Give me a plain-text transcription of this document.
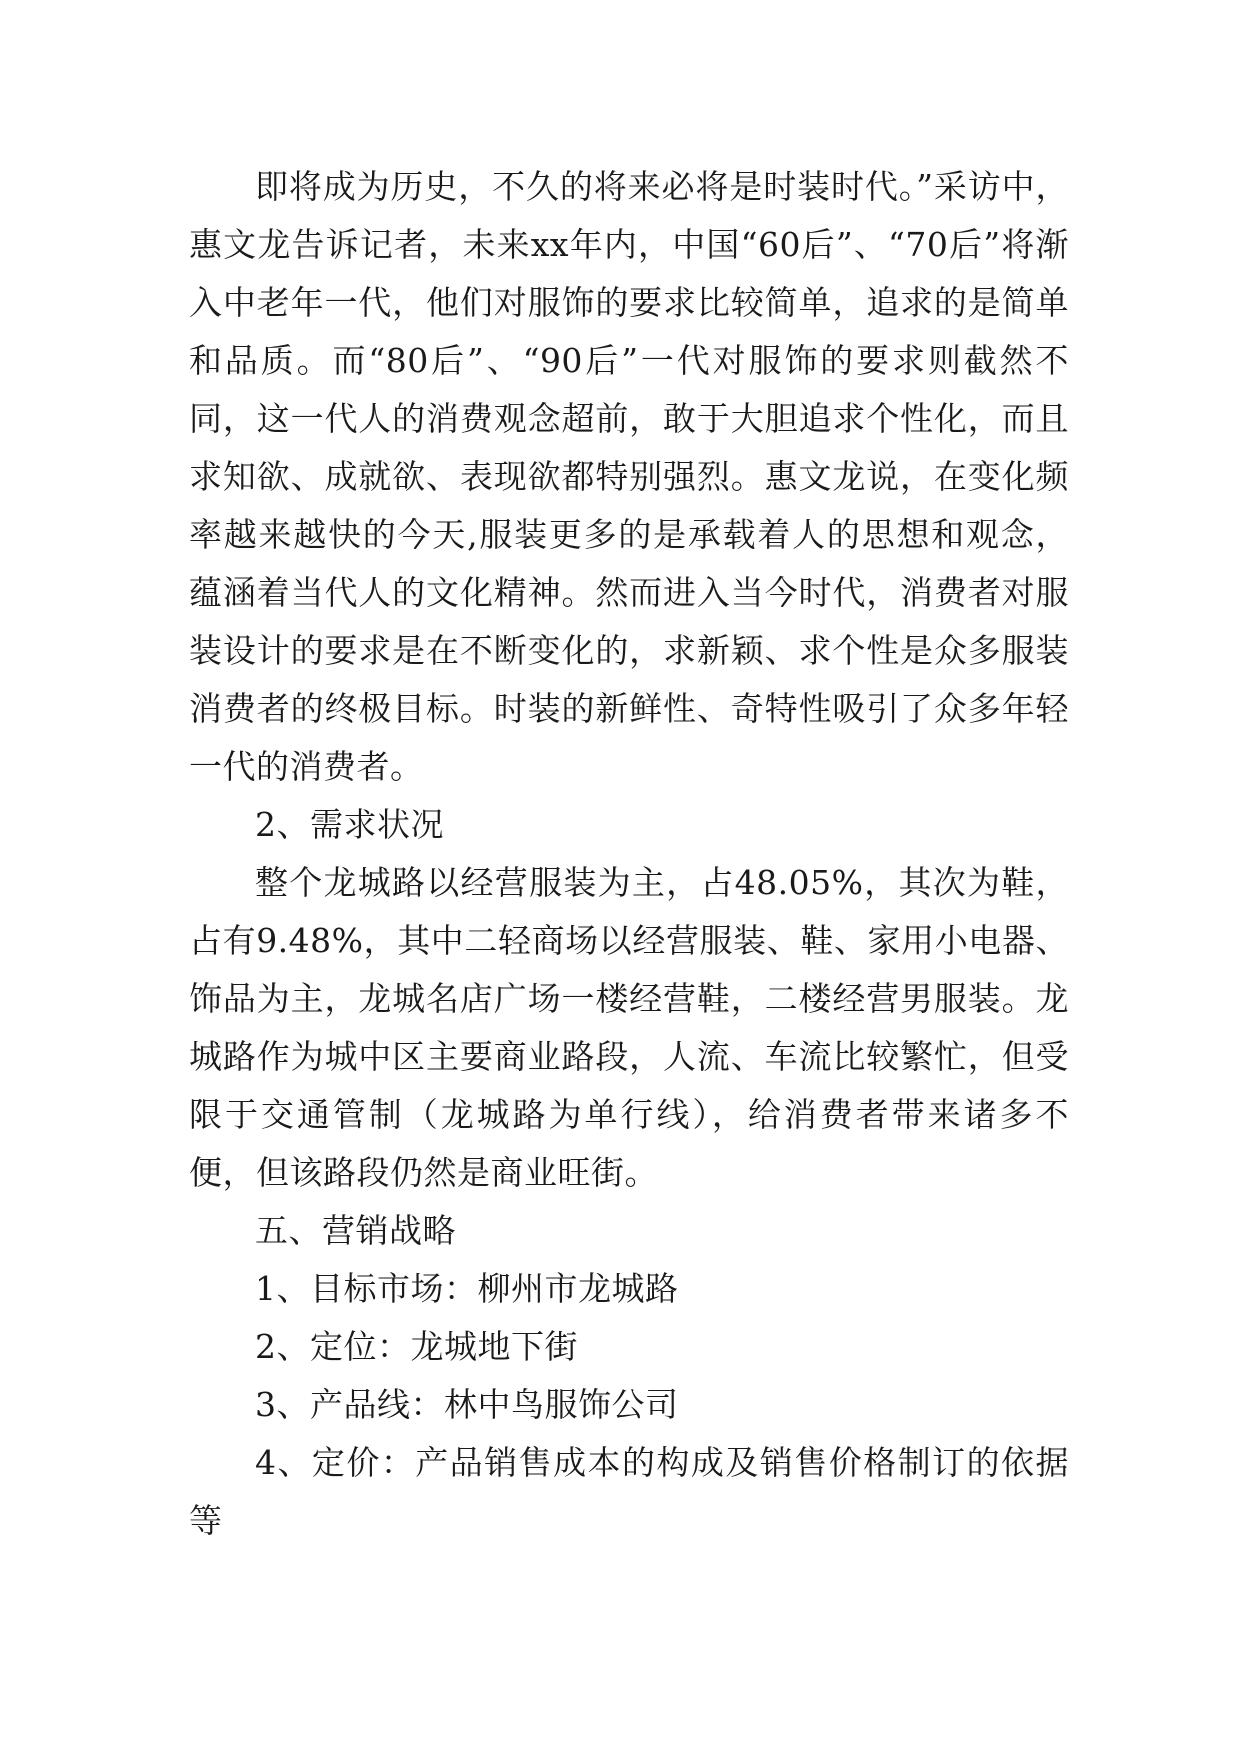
即将成为历史，不久的将来必将是时装时代。”采访中，惠文龙告诉记者，未来xx年内，中国“60后”、“70后”将渐入中老年一代，他们对服饰的要求比较简单，追求的是简单和品质。而“80后”、“90后”一代对服饰的要求则截然不同，这一代人的消费观念超前，敢于大胆追求个性化，而且求知欲、成就欲、表现欲都特别强烈。惠文龙说，在变化频率越来越快的今天,服装更多的是承载着人的思想和观念，蕴涵着当代人的文化精神。然而进入当今时代，消费者对服装设计的要求是在不断变化的，求新颖、求个性是众多服装消费者的终极目标。时装的新鲜性、奇特性吸引了众多年轻一代的消费者。

2、需求状况

整个龙城路以经营服装为主，占48.05%，其次为鞋，占有9.48%，其中二轻商场以经营服装、鞋、家用小电器、饰品为主，龙城名店广场一楼经营鞋，二楼经营男服装。龙城路作为城中区主要商业路段，人流、车流比较繁忙，但受限于交通管制（龙城路为单行线），给消费者带来诸多不便，但该路段仍然是商业旺街。

五、营销战略

1、目标市场：柳州市龙城路

2、定位：龙城地下街

3、产品线：林中鸟服饰公司

4、定价：产品销售成本的构成及销售价格制订的依据等
